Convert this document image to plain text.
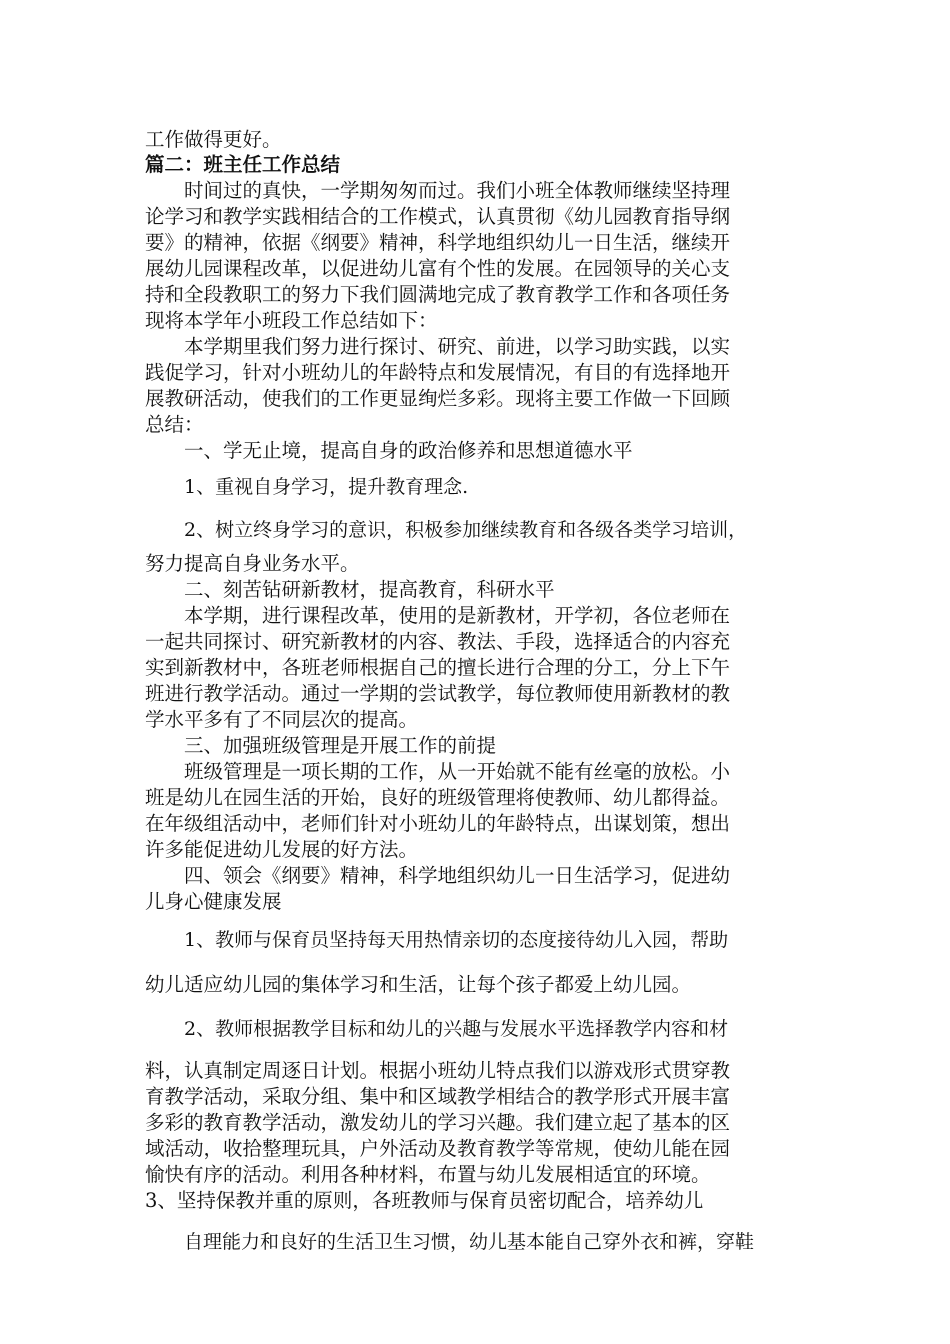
工作做得更好。
篇二：班主任工作总结
时间过的真快，一学期匆匆而过。我们小班全体教师继续坚持理
论学习和教学实践相结合的工作模式，认真贯彻《幼儿园教育指导纲
要》的精神，依据《纲要》精神，科学地组织幼儿一日生活，继续开
展幼儿园课程改革，以促进幼儿富有个性的发展。在园领导的关心支
持和全段教职工的努力下我们圆满地完成了教育教学工作和各项任务
现将本学年小班段工作总结如下：
本学期里我们努力进行探讨、研究、前进，以学习助实践，以实
践促学习，针对小班幼儿的年龄特点和发展情况，有目的有选择地开
展教研活动，使我们的工作更显绚烂多彩。现将主要工作做一下回顾
总结：
一、学无止境，提高自身的政治修养和思想道德水平
1、重视自身学习，提升教育理念.
2、树立终身学习的意识，积极参加继续教育和各级各类学习培训，
努力提高自身业务水平。
二、刻苦钻研新教材，提高教育，科研水平
本学期，进行课程改革，使用的是新教材，开学初，各位老师在
一起共同探讨、研究新教材的内容、教法、手段，选择适合的内容充
实到新教材中，各班老师根据自己的擅长进行合理的分工，分上下午
班进行教学活动。通过一学期的尝试教学，每位教师使用新教材的教
学水平多有了不同层次的提高。
三、加强班级管理是开展工作的前提
班级管理是一项长期的工作，从一开始就不能有丝毫的放松。小
班是幼儿在园生活的开始，良好的班级管理将使教师、幼儿都得益。
在年级组活动中，老师们针对小班幼儿的年龄特点，出谋划策，想出
许多能促进幼儿发展的好方法。
四、领会《纲要》精神，科学地组织幼儿一日生活学习，促进幼
儿身心健康发展
1、教师与保育员坚持每天用热情亲切的态度接待幼儿入园，帮助
幼儿适应幼儿园的集体学习和生活，让每个孩子都爱上幼儿园。
2、教师根据教学目标和幼儿的兴趣与发展水平选择教学内容和材
料，认真制定周逐日计划。根据小班幼儿特点我们以游戏形式贯穿教
育教学活动，采取分组、集中和区域教学相结合的教学形式开展丰富
多彩的教育教学活动，激发幼儿的学习兴趣。我们建立起了基本的区
域活动，收拾整理玩具，户外活动及教育教学等常规，使幼儿能在园
愉快有序的活动。利用各种材料，布置与幼儿发展相适宜的环境。
3、坚持保教并重的原则，各班教师与保育员密切配合，培养幼儿
自理能力和良好的生活卫生习惯，幼儿基本能自己穿外衣和裤，穿鞋
